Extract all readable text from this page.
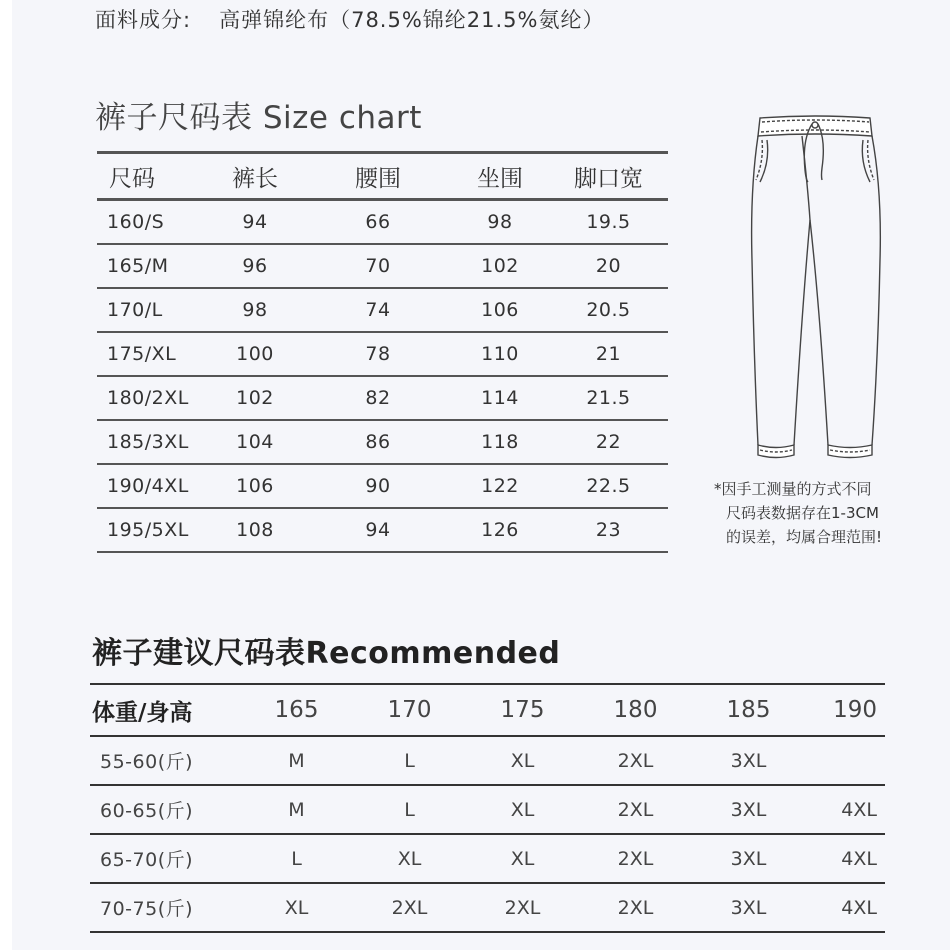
面料成分: 高弹锦纶布（78.5%锦纶21.5%氨纶）
裤子尺码表 Size chart
尺码	裤长	腰围	坐围	脚口宽
160/S	94	66	98	19.5
165/M	96	70	102	20
170/L	98	74	106	20.5
175/XL	100	78	110	21
180/2XL	102	82	114	21.5
185/3XL	104	86	118	22
190/4XL	106	90	122	22.5
195/5XL	108	94	126	23
*因手工测量的方式不同
尺码表数据存在1-3CM
的误差，均属合理范围!
裤子建议尺码表Recommended
体重/身高	165	170	175	180	185	190
55-60(斤)	M	L	XL	2XL	3XL	
60-65(斤)	M	L	XL	2XL	3XL	4XL
65-70(斤)	L	XL	XL	2XL	3XL	4XL
70-75(斤)	XL	2XL	2XL	2XL	3XL	4XL
